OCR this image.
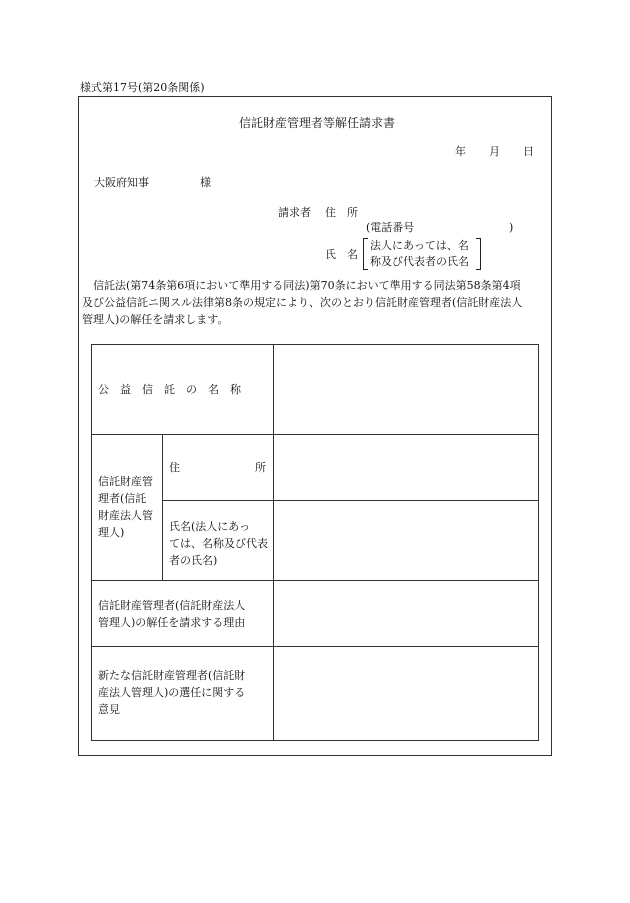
様式第17号(第20条関係)
信託財産管理者等解任請求書
年 月 日
大阪府知事	様
請求者 住　所
(電話番号	)
氏　名
法人にあっては、名
称及び代表者の氏名
信託法(第74条第6項において準用する同法)第70条において準用する同法第58条第4項
及び公益信託ニ関スル法律第8条の規定により、次のとおり信託財産管理者(信託財産法人
管理人)の解任を請求します。
公　益　信　託　の　名　称
信託財産管
理者(信託
財産法人管
理人)
住	所
氏名(法人にあっ
ては、名称及び代表
者の氏名)
信託財産管理者(信託財産法人
管理人)の解任を請求する理由
新たな信託財産管理者(信託財
産法人管理人)の選任に関する
意見
